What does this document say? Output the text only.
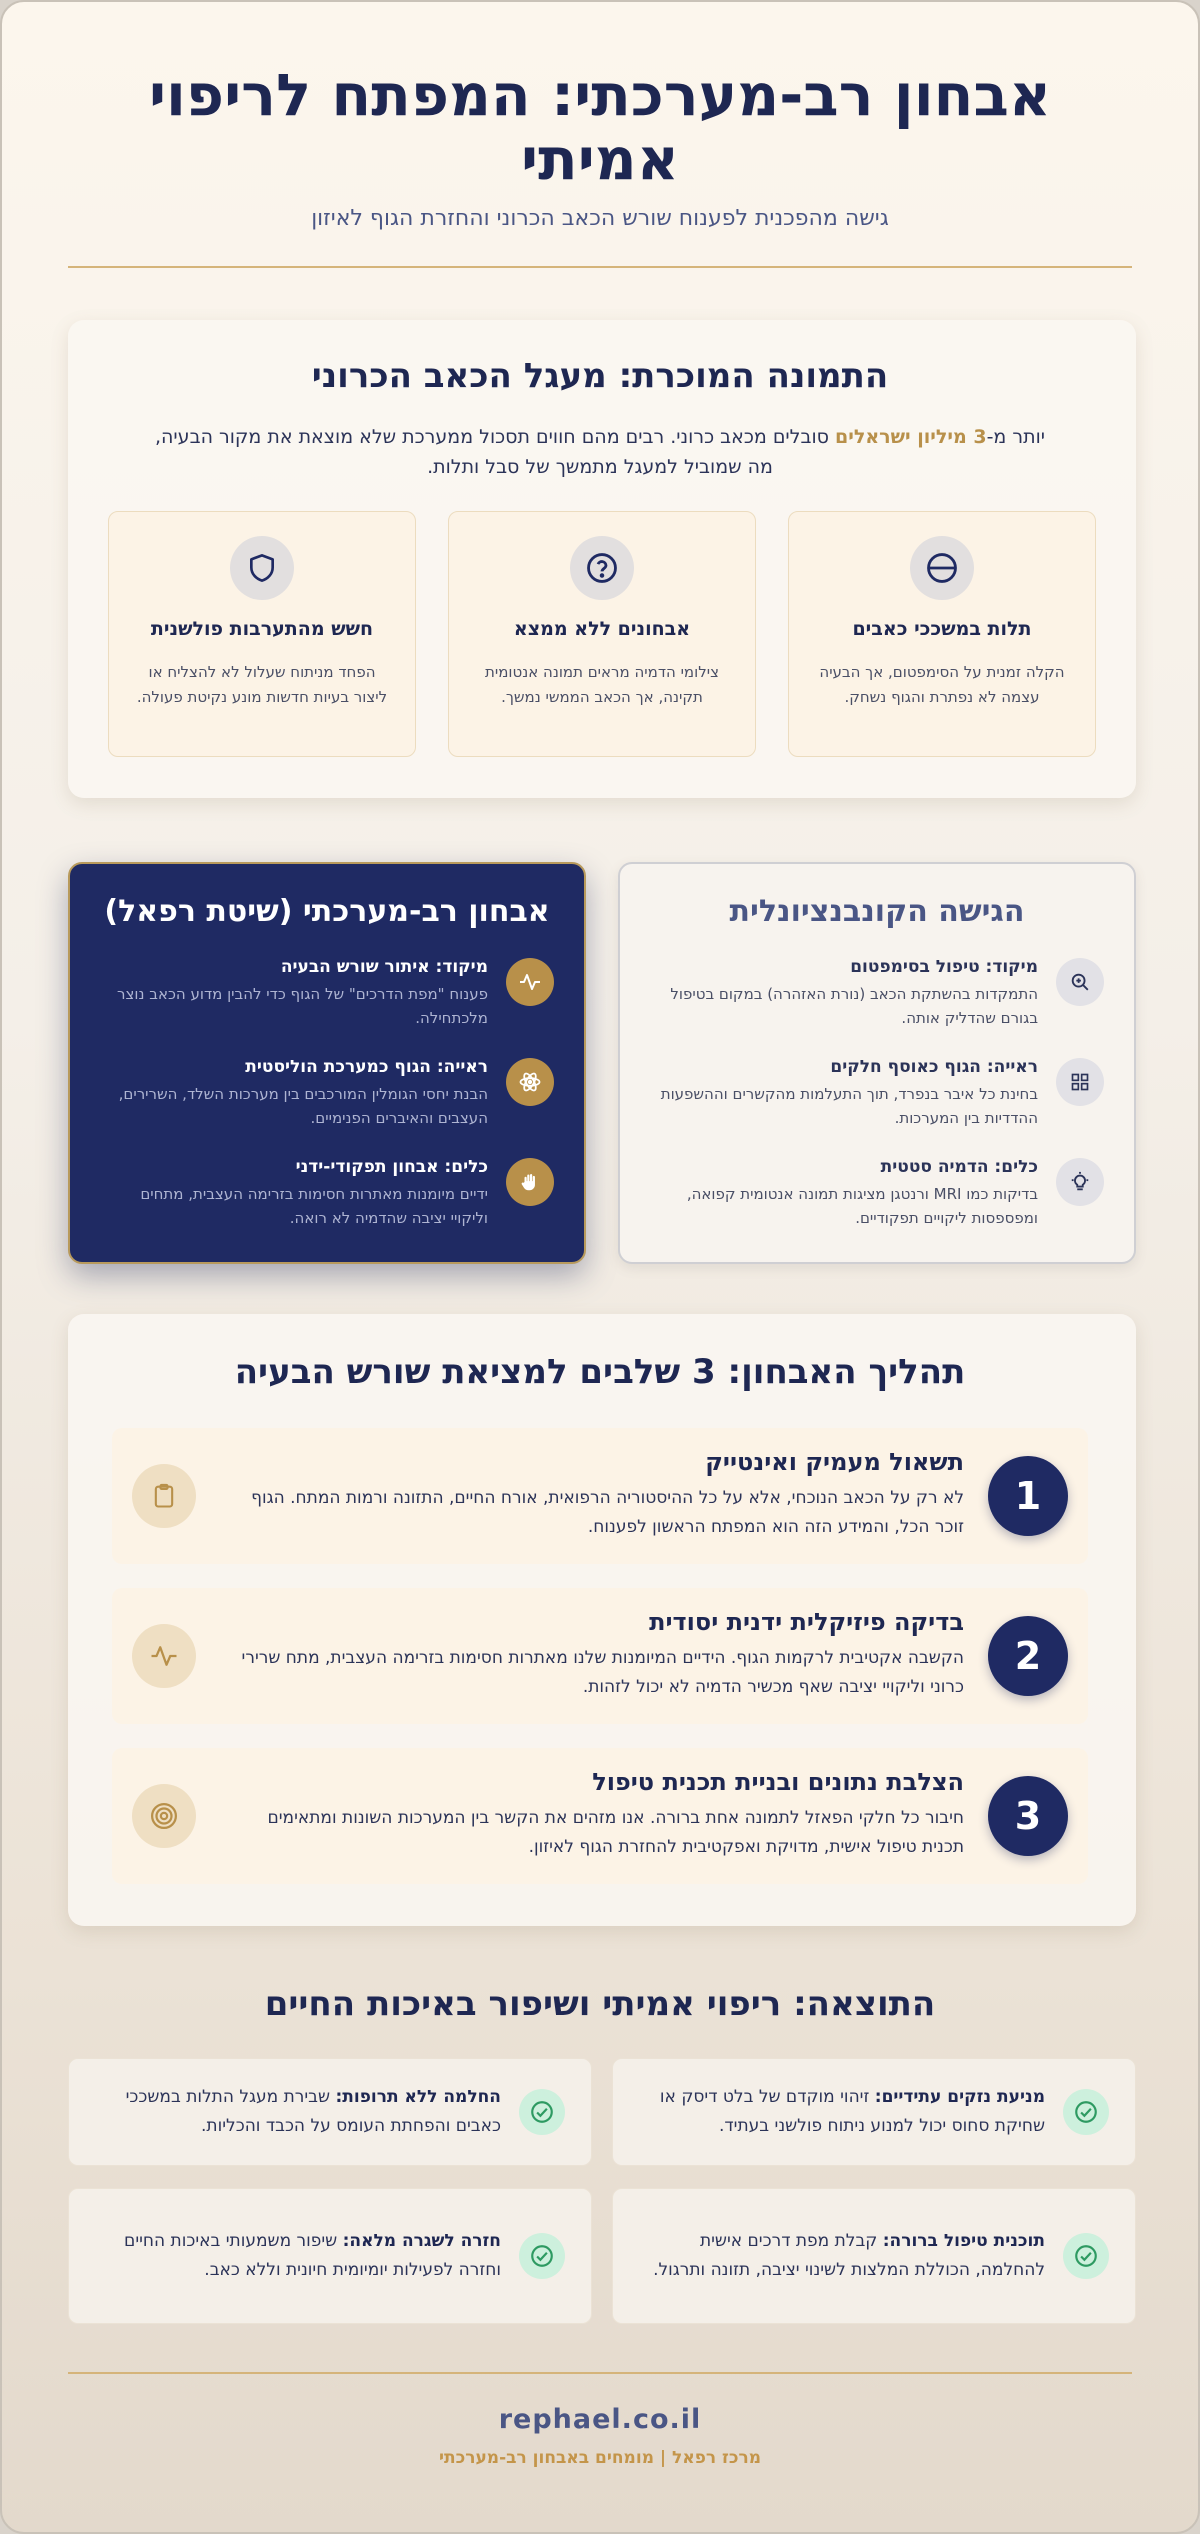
אבחון רב-מערכתי: המפתח לריפוי אמיתי
גישה מהפכנית לפענוח שורש הכאב הכרוני והחזרת הגוף לאיזון
התמונה המוכרת: מעגל הכאב הכרוני

יותר מ-3 מיליון ישראלים סובלים מכאב כרוני. רבים מהם חווים תסכול ממערכת שלא מוצאת את מקור הבעיה, מה שמוביל למעגל מתמשך של סבל ותלות.

תלות במשככי כאבים
הקלה זמנית על הסימפטום, אך הבעיה עצמה לא נפתרת והגוף נשחק.
אבחונים ללא ממצא
צילומי הדמיה מראים תמונה אנטומית תקינה, אך הכאב הממשי נמשך.
חשש מהתערבות פולשנית
הפחד מניתוח שעלול לא להצליח או ליצור בעיות חדשות מונע נקיטת פעולה.
הגישה הקונבנציונלית
מיקוד: טיפול בסימפטום
התמקדות בהשתקת הכאב (נורת האזהרה) במקום בטיפול בגורם שהדליק אותה.
ראייה: הגוף כאוסף חלקים
בחינת כל איבר בנפרד, תוך התעלמות מהקשרים וההשפעות ההדדיות בין המערכות.
כלים: הדמיה סטטית
בדיקות כמו MRI ורנטגן מציגות תמונה אנטומית קפואה, ומפספסות ליקויים תפקודיים.
אבחון רב-מערכתי (שיטת רפאל)
מיקוד: איתור שורש הבעיה
פענוח "מפת הדרכים" של הגוף כדי להבין מדוע הכאב נוצר מלכתחילה.
ראייה: הגוף כמערכת הוליסטית
הבנת יחסי הגומלין המורכבים בין מערכות השלד, השרירים, העצבים והאיברים הפנימיים.
כלים: אבחון תפקודי-ידני
ידיים מיומנות מאתרות חסימות בזרימה העצבית, מתחים וליקויי יציבה שהדמיה לא רואה.
תהליך האבחון: 3 שלבים למציאת שורש הבעיה
1
תשאול מעמיק ואינטייק
לא רק על הכאב הנוכחי, אלא על כל ההיסטוריה הרפואית, אורח החיים, התזונה ורמות המתח. הגוף זוכר הכל, והמידע הזה הוא המפתח הראשון לפענוח.
2
בדיקה פיזיקלית ידנית יסודית
הקשבה אקטיבית לרקמות הגוף. הידיים המיומנות שלנו מאתרות חסימות בזרימה העצבית, מתח שרירי כרוני וליקויי יציבה שאף מכשיר הדמיה לא יכול לזהות.
3
הצלבת נתונים ובניית תכנית טיפול
חיבור כל חלקי הפאזל לתמונה אחת ברורה. אנו מזהים את הקשר בין המערכות השונות ומתאימים תכנית טיפול אישית, מדויקת ואפקטיבית להחזרת הגוף לאיזון.
התוצאה: ריפוי אמיתי ושיפור באיכות החיים
מניעת נזקים עתידיים: זיהוי מוקדם של בלט דיסק או שחיקת סחוס יכול למנוע ניתוח פולשני בעתיד.
החלמה ללא תרופות: שבירת מעגל התלות במשככי כאבים והפחתת העומס על הכבד והכליות.
תוכנית טיפול ברורה: קבלת מפת דרכים אישית להחלמה, הכוללת המלצות לשינוי יציבה, תזונה ותרגול.
חזרה לשגרה מלאה: שיפור משמעותי באיכות החיים וחזרה לפעילות יומיומית חיונית וללא כאב.
rephael.co.il
מרכז רפאל | מומחים באבחון רב-מערכתי
